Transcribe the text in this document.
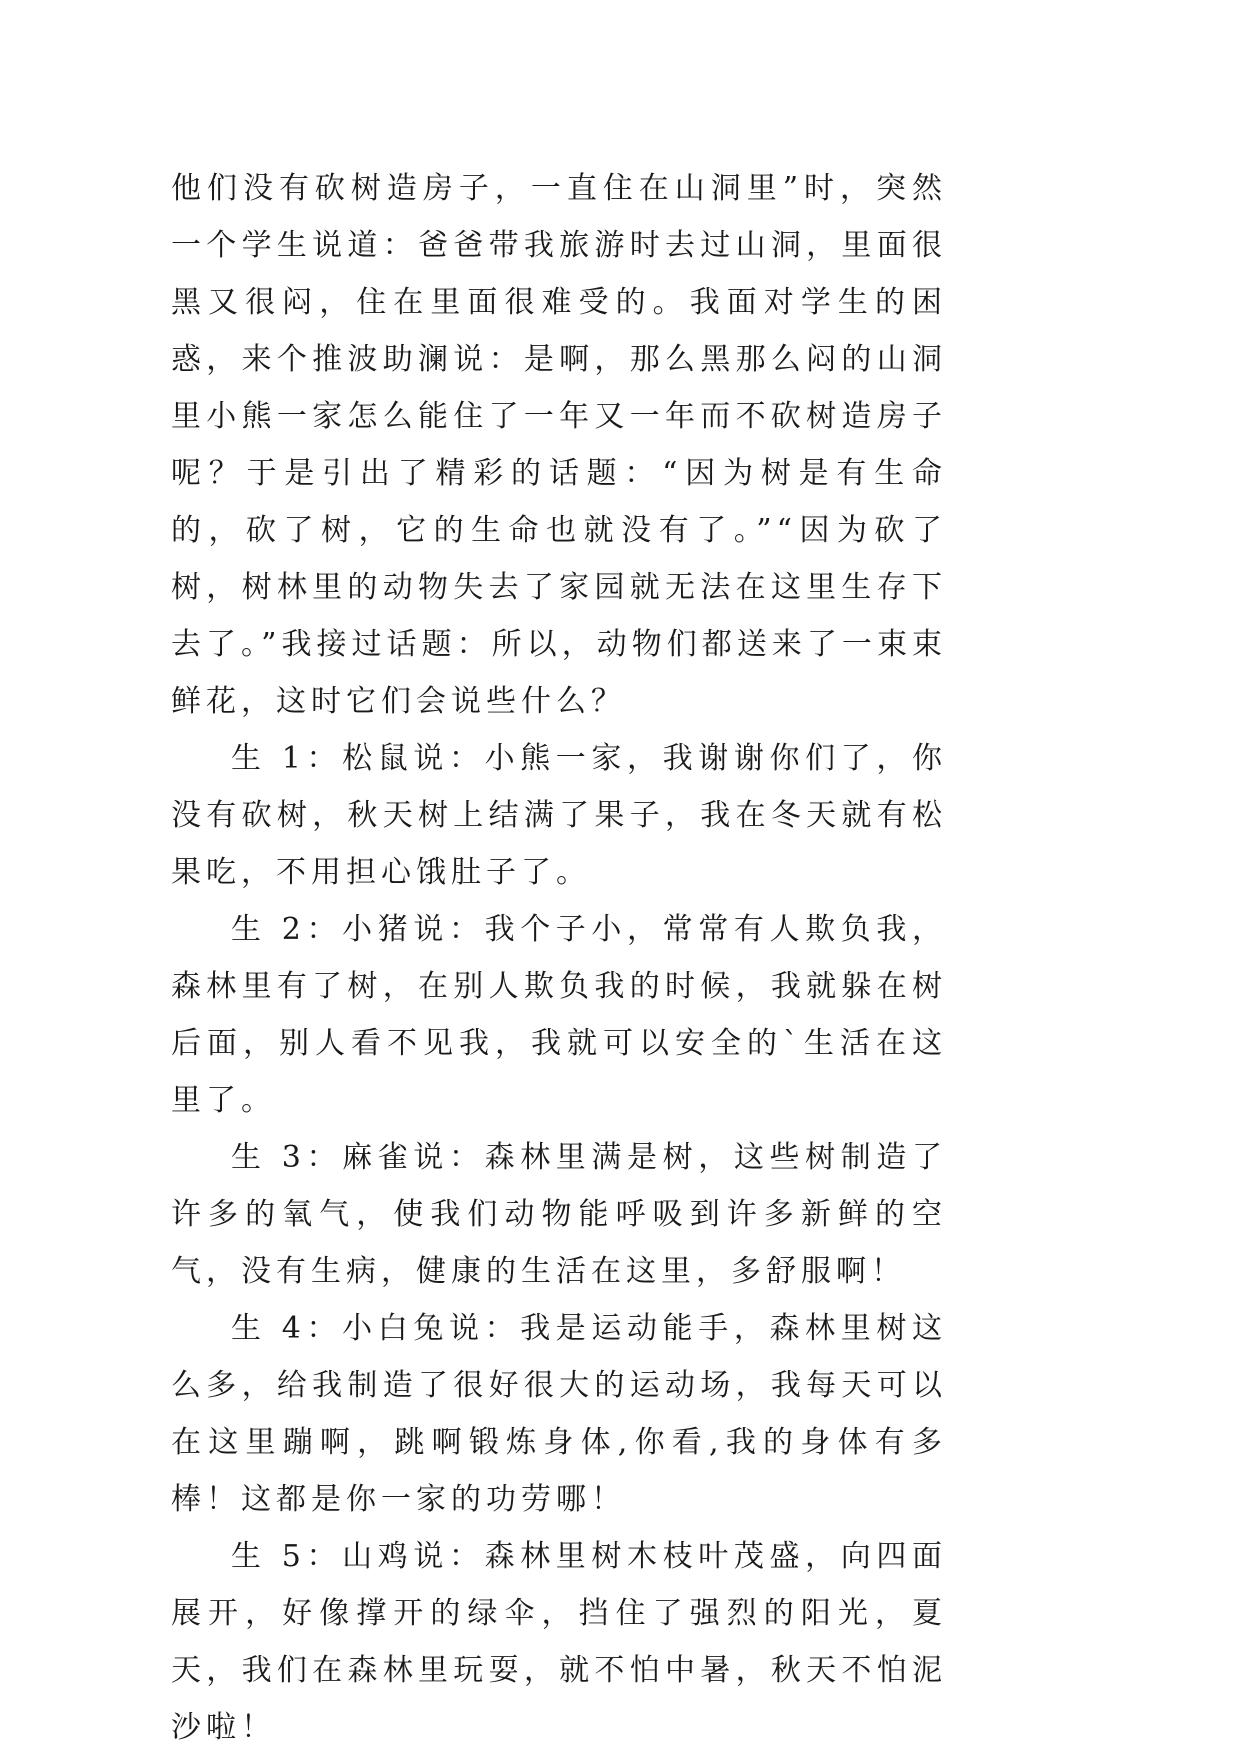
他们没有砍树造房子，一直住在山洞里”时，突然一个学生说道：爸爸带我旅游时去过山洞，里面很黑又很闷，住在里面很难受的。我面对学生的困惑，来个推波助澜说：是啊，那么黑那么闷的山洞里小熊一家怎么能住了一年又一年而不砍树造房子呢？于是引出了精彩的话题：“因为树是有生命的，砍了树，它的生命也就没有了。”“因为砍了树，树林里的动物失去了家园就无法在这里生存下去了。”我接过话题：所以，动物们都送来了一束束鲜花，这时它们会说些什么？

生 1：松鼠说：小熊一家，我谢谢你们了，你没有砍树，秋天树上结满了果子，我在冬天就有松果吃，不用担心饿肚子了。

生 2：小猪说：我个子小，常常有人欺负我，森林里有了树，在别人欺负我的时候，我就躲在树后面，别人看不见我，我就可以安全的`生活在这里了。

生 3：麻雀说：森林里满是树，这些树制造了许多的氧气，使我们动物能呼吸到许多新鲜的空气，没有生病，健康的生活在这里，多舒服啊！

生 4：小白兔说：我是运动能手，森林里树这么多，给我制造了很好很大的运动场，我每天可以在这里蹦啊，跳啊锻炼身体,你看,我的身体有多棒！这都是你一家的功劳哪！

生 5：山鸡说：森林里树木枝叶茂盛，向四面展开，好像撑开的绿伞，挡住了强烈的阳光，夏天，我们在森林里玩耍，就不怕中暑，秋天不怕泥沙啦！
